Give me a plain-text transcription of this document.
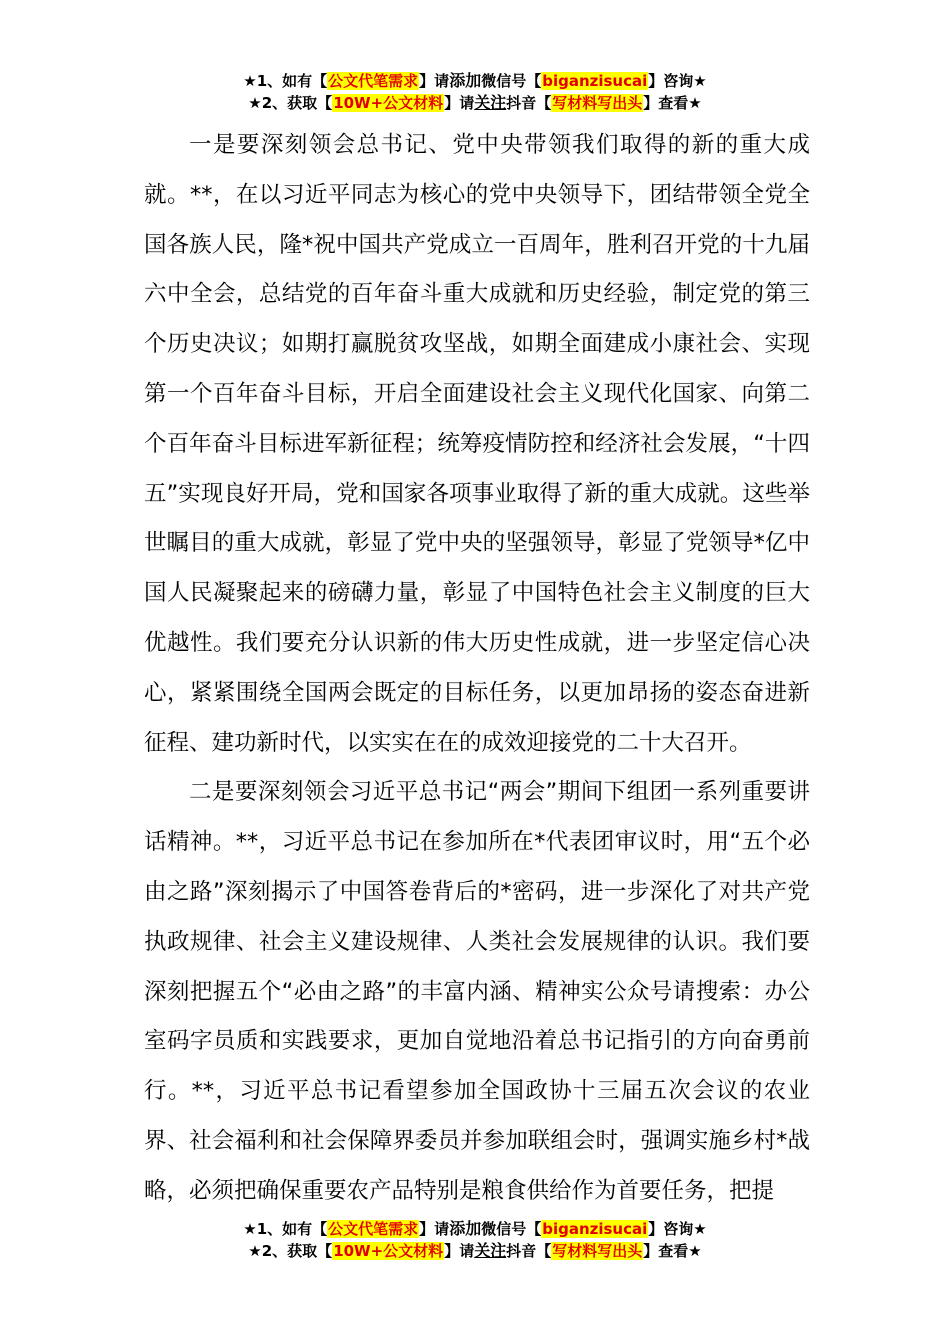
★1、如有【公文代笔需求】请添加微信号【biganzisucai】咨询★
★2、获取【10W+公文材料】请关注抖音【写材料写出头】查看★

一是要深刻领会总书记、党中央带领我们取得的新的重大成就。**，在以习近平同志为核心的党中央领导下，团结带领全党全国各族人民，隆*祝中国共产党成立一百周年，胜利召开党的十九届六中全会，总结党的百年奋斗重大成就和历史经验，制定党的第三个历史决议；如期打赢脱贫攻坚战，如期全面建成小康社会、实现第一个百年奋斗目标，开启全面建设社会主义现代化国家、向第二个百年奋斗目标进军新征程；统筹疫情防控和经济社会发展，“十四五”实现良好开局，党和国家各项事业取得了新的重大成就。这些举世瞩目的重大成就，彰显了党中央的坚强领导，彰显了党领导*亿中国人民凝聚起来的磅礴力量，彰显了中国特色社会主义制度的巨大优越性。我们要充分认识新的伟大历史性成就，进一步坚定信心决心，紧紧围绕全国两会既定的目标任务，以更加昂扬的姿态奋进新征程、建功新时代，以实实在在的成效迎接党的二十大召开。

二是要深刻领会习近平总书记“两会”期间下组团一系列重要讲话精神。**，习近平总书记在参加所在*代表团审议时，用“五个必由之路”深刻揭示了中国答卷背后的*密码，进一步深化了对共产党执政规律、社会主义建设规律、人类社会发展规律的认识。我们要深刻把握五个“必由之路”的丰富内涵、精神实公众号请搜索：办公室码字员质和实践要求，更加自觉地沿着总书记指引的方向奋勇前行。**，习近平总书记看望参加全国政协十三届五次会议的农业界、社会福利和社会保障界委员并参加联组会时，强调实施乡村*战略，必须把确保重要农产品特别是粮食供给作为首要任务，把提

★1、如有【公文代笔需求】请添加微信号【biganzisucai】咨询★
★2、获取【10W+公文材料】请关注抖音【写材料写出头】查看★
